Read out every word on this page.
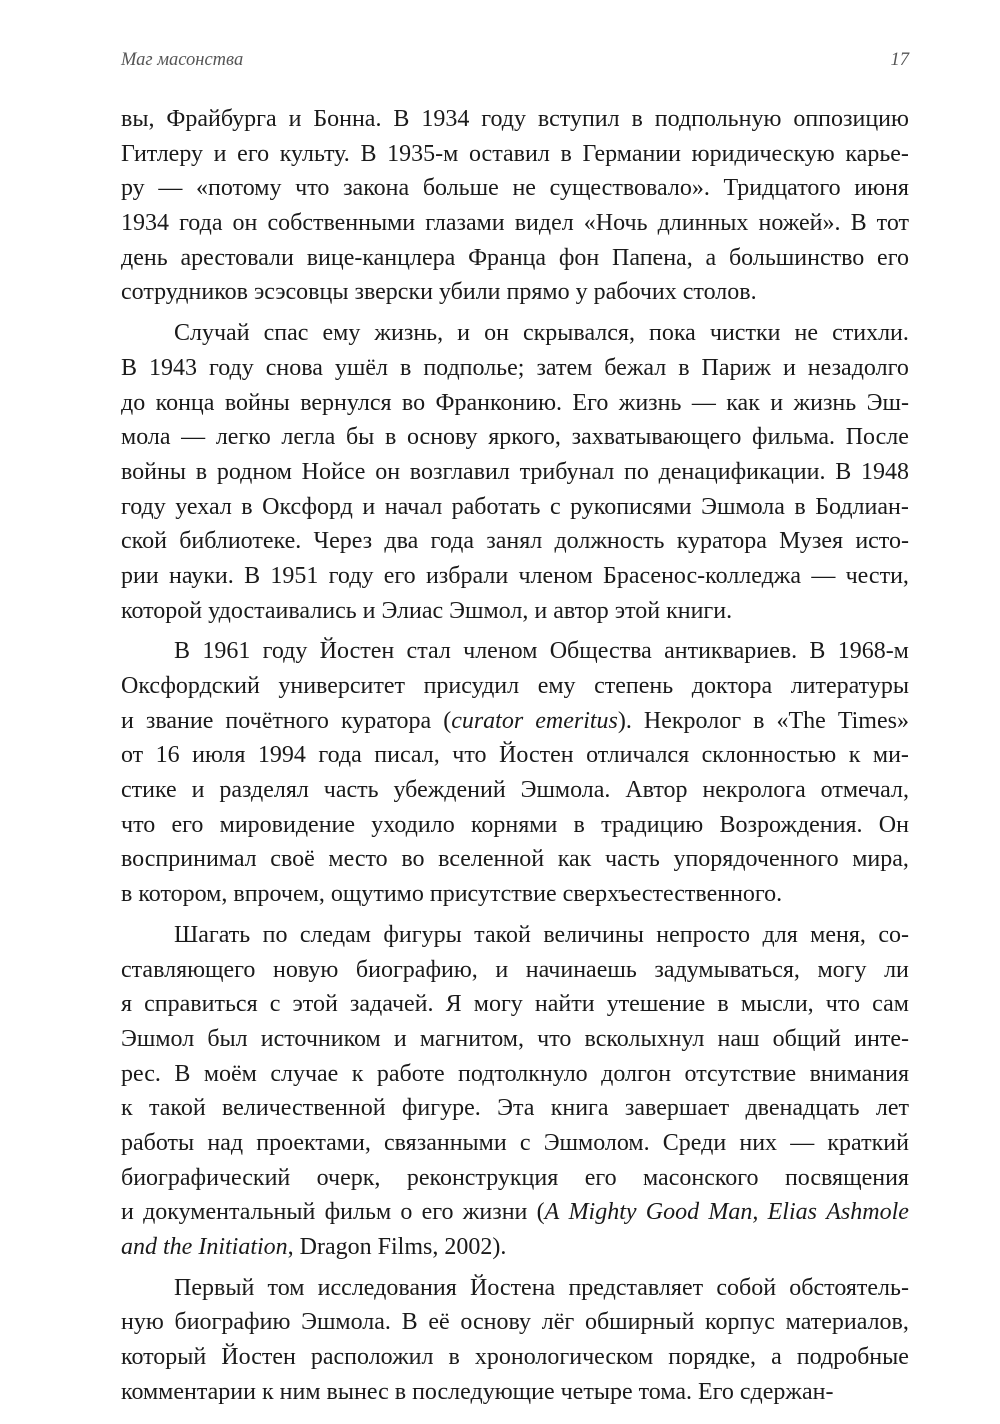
Маг масонства	17
вы, Фрайбурга и Бонна. В 1934 году вступил в подпольную оппозицию
Гитлеру и его культу. В 1935-м оставил в Германии юридическую карье-
ру — «потому что закона больше не существовало». Тридцатого июня
1934 года он собственными глазами видел «Ночь длинных ножей». В тот
день арестовали вице-канцлера Франца фон Папена, а большинство его
сотрудников
эсэсовцы
зверски
убили
прямо
у
рабочих
столов.
Случай спас ему жизнь, и он скрывался, пока чистки не стихли.
В 1943 году снова ушёл в подполье; затем бежал в Париж и незадолго
до конца войны вернулся во Франконию. Его жизнь — как и жизнь Эш-
мола — легко легла бы в основу яркого, захватывающего фильма. После
войны в родном Нойсе он возглавил трибунал по денацификации. В 1948
году уехал в Оксфорд и начал работать с рукописями Эшмола в Бодлиан-
ской библиотеке. Через два года занял должность куратора Музея исто-
рии науки. В 1951 году его избрали членом Брасенос-колледжа — чести,
которой
удостаивались
и
Элиас
Эшмол,
и
автор
этой
книги.
В 1961 году Йостен стал членом Общества антиквариев. В 1968-м
Оксфордский университет присудил ему степень доктора литературы
и звание почётного куратора (curator emeritus). Некролог в «The Times»
от 16 июля 1994 года писал, что Йостен отличался склонностью к ми-
стике и разделял часть убеждений Эшмола. Автор некролога отмечал,
что его мировидение уходило корнями в традицию Возрождения. Он
воспринимал своё место во вселенной как часть упорядоченного мира,
в
котором,
впрочем,
ощутимо
присутствие
сверхъестественного.
Шагать по следам фигуры такой величины непросто для меня, со-
ставляющего новую биографию, и начинаешь задумываться, могу ли
я справиться с этой задачей. Я могу найти утешение в мысли, что сам
Эшмол был источником и магнитом, что всколыхнул наш общий инте-
рес. В моём случае к работе подтолкнуло долгон отсутствие внимания
к такой величественной фигуре. Эта книга завершает двенадцать лет
работы над проектами, связанными с Эшмолом. Среди них — краткий
биографический очерк, реконструкция его масонского посвящения
и документальный фильм о его жизни (A Mighty Good Man, Elias Ashmole
and
the
Initiation,
Dragon
Films,
2002).
Первый том исследования Йостена представляет собой обстоятель-
ную биографию Эшмола. В её основу лёг обширный корпус материалов,
который Йостен расположил в хронологическом порядке, а подробные
комментарии
к
ним
вынес
в
последующие
четыре
тома.
Его
сдержан-
